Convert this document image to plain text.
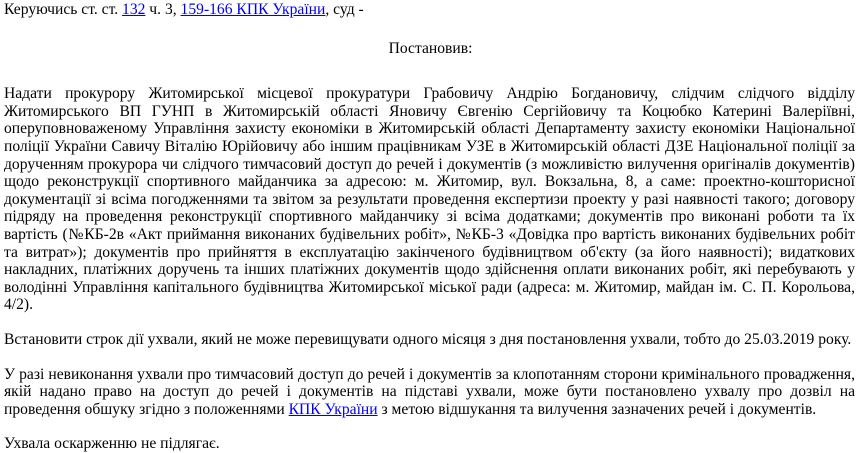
Керуючись ст. ст. 132 ч. 3, 159-166 КПК України, суд -

Постановив:

Надати прокурору Житомирської місцевої прокуратури Грабовичу Андрію Богдановичу, слідчим слідчого відділу Житомирського ВП ГУНП в Житомирській області Яновичу Євгенію Сергійовичу та Коцюбко Катерині Валеріївні, оперуповноваженому Управління захисту економіки в Житомирській області Департаменту захисту економіки Національної поліції України Савичу Віталію Юрійовичу або іншим працівникам УЗЕ в Житомирській області ДЗЕ Національної поліції за дорученням прокурора чи слідчого тимчасовий доступ до речей і документів (з можливістю вилучення оригіналів документів) щодо реконструкції спортивного майданчика за адресою: м. Житомир, вул. Вокзальна, 8, а саме: проектно-кошторисної документації зі всіма погодженнями та звітом за результати проведення експертизи проекту у разі наявності такого; договору підряду на проведення реконструкції спортивного майданчику зі всіма додатками; документів про виконані роботи та їх вартість (№КБ-2в «Акт приймання виконаних будівельних робіт», №КБ-3 «Довідка про вартість виконаних будівельних робіт та витрат»); документів про прийняття в експлуатацію закінченого будівництвом об'єкту (за його наявності); видаткових накладних, платіжних доручень та інших платіжних документів щодо здійснення оплати виконаних робіт, які перебувають у володінні Управління капітального будівництва Житомирської міської ради (адреса: м. Житомир, майдан ім. С. П. Корольова, 4/2).

Встановити строк дії ухвали, який не може перевищувати одного місяця з дня постановлення ухвали, тобто до 25.03.2019 року.

У разі невиконання ухвали про тимчасовий доступ до речей і документів за клопотанням сторони кримінального провадження, якій надано право на доступ до речей і документів на підставі ухвали, може бути постановлено ухвалу про дозвіл на проведення обшуку згідно з положеннями КПК України з метою відшукання та вилучення зазначених речей і документів.

Ухвала оскарженню не підлягає.
